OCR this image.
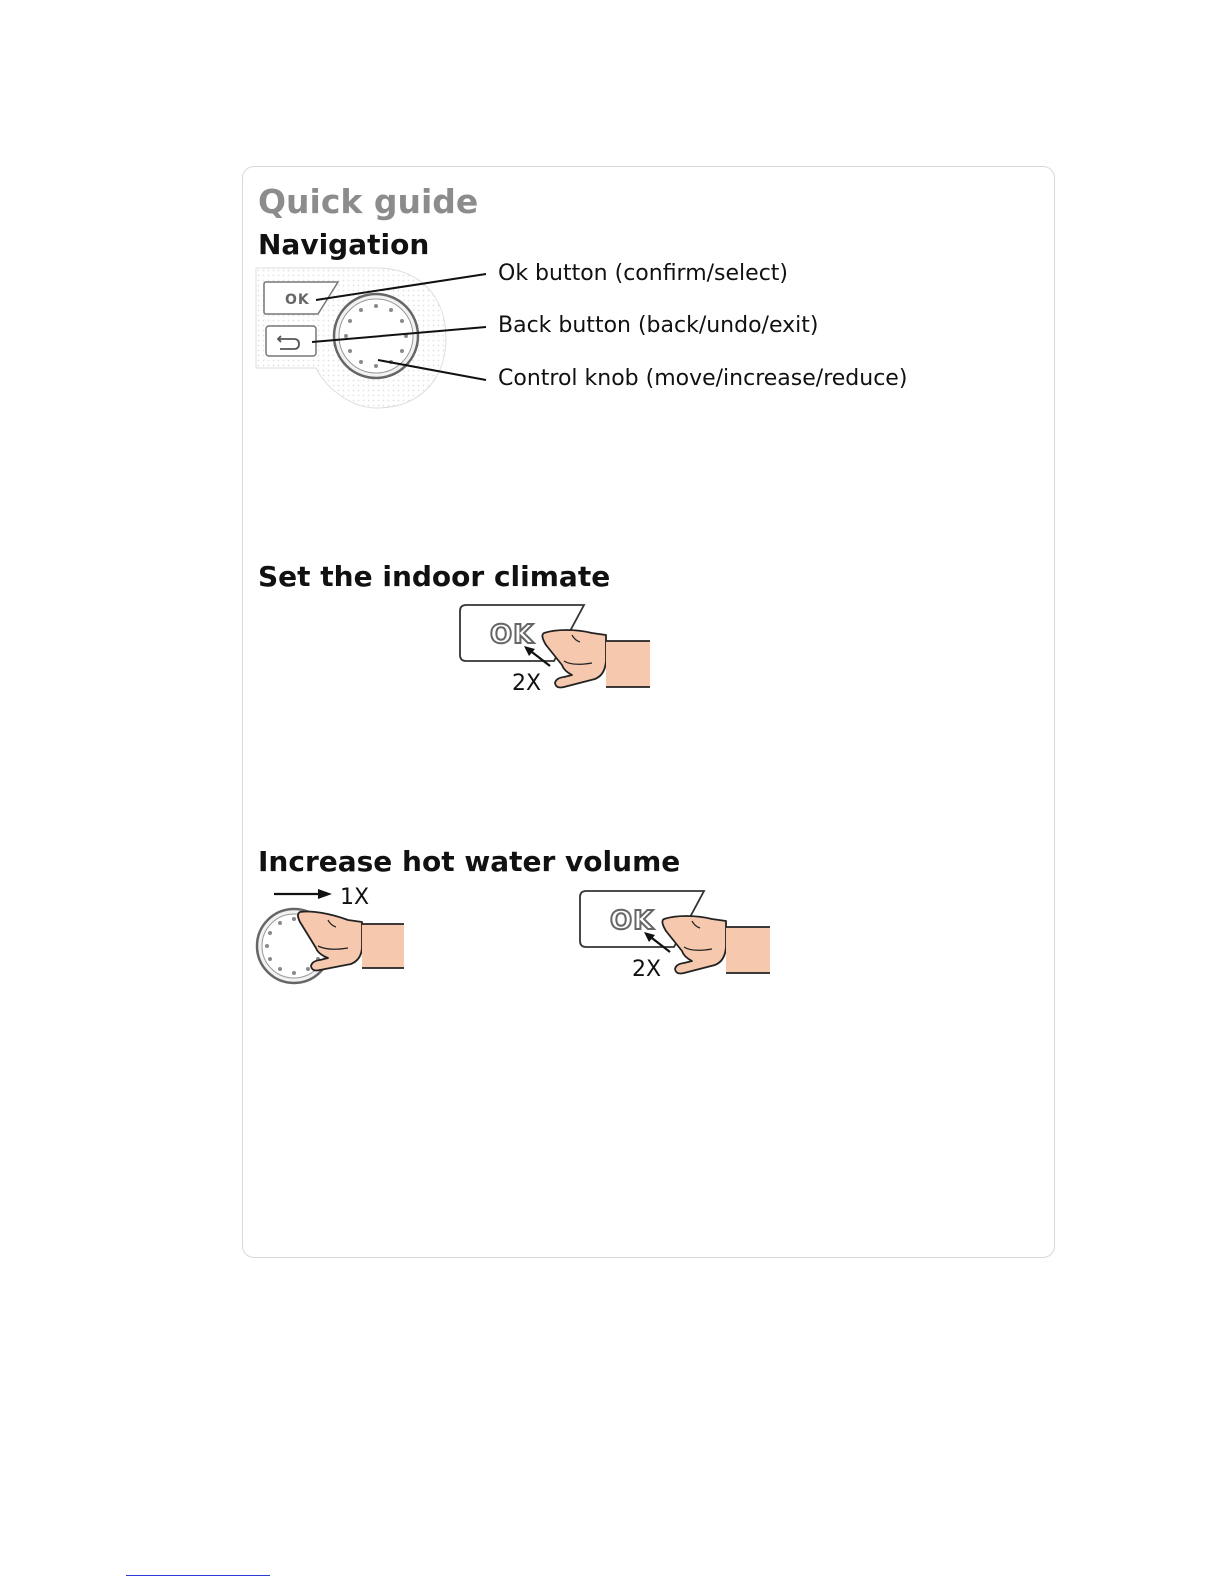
Quick guide
Navigation
OK
Ok button (confirm/select)
Back button (back/undo/exit)
Control knob (move/increase/reduce)
Set the indoor climate
OK
2X
Increase hot water volume
1X
OK
2X
